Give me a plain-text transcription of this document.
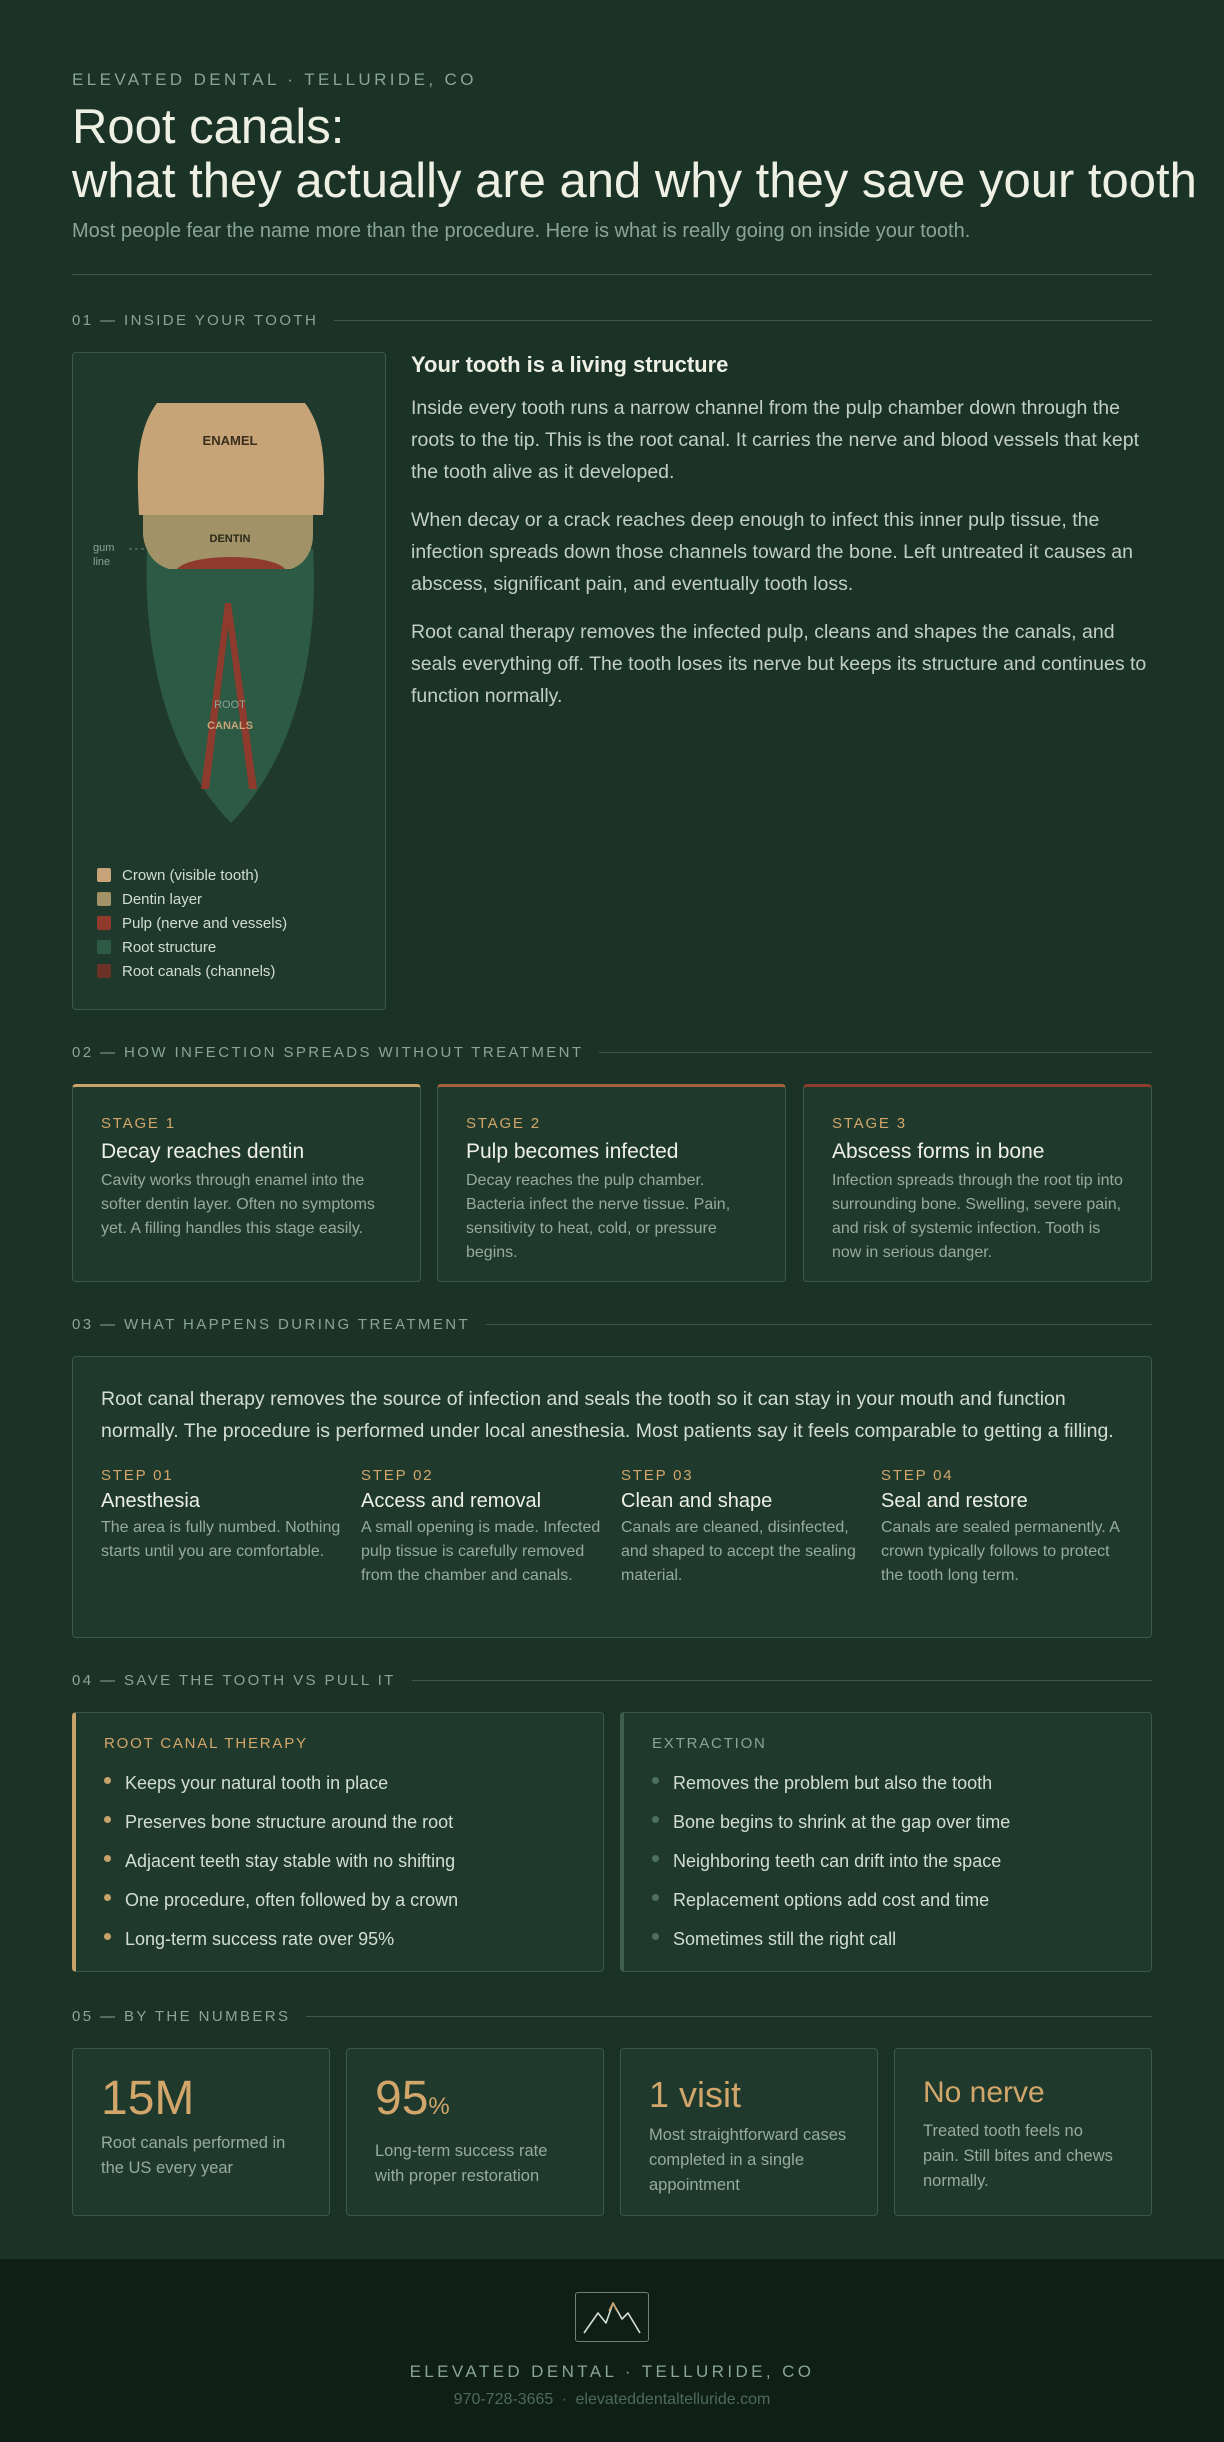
ELEVATED DENTAL · TELLURIDE, CO
Root canals:
what they actually are and why they save your tooth
Most people fear the name more than the procedure. Here is what is really going on inside your tooth.
01 — INSIDE YOUR TOOTH
ENAMEL
DENTIN
gum
line
ROOT
CANALS
Crown (visible tooth)
Dentin layer
Pulp (nerve and vessels)
Root structure
Root canals (channels)
Your tooth is a living structure

Inside every tooth runs a narrow channel from the pulp chamber down through the roots to the tip. This is the root canal. It carries the nerve and blood vessels that kept the tooth alive as it developed.

When decay or a crack reaches deep enough to infect this inner pulp tissue, the infection spreads down those channels toward the bone. Left untreated it causes an abscess, significant pain, and eventually tooth loss.

Root canal therapy removes the infected pulp, cleans and shapes the canals, and seals everything off. The tooth loses its nerve but keeps its structure and continues to function normally.

02 — HOW INFECTION SPREADS WITHOUT TREATMENT
STAGE 1
Decay reaches dentin
Cavity works through enamel into the softer dentin layer. Often no symptoms yet. A filling handles this stage easily.
STAGE 2
Pulp becomes infected
Decay reaches the pulp chamber. Bacteria infect the nerve tissue. Pain, sensitivity to heat, cold, or pressure begins.
STAGE 3
Abscess forms in bone
Infection spreads through the root tip into surrounding bone. Swelling, severe pain, and risk of systemic infection. Tooth is now in serious danger.
03 — WHAT HAPPENS DURING TREATMENT
Root canal therapy removes the source of infection and seals the tooth so it can stay in your mouth and function normally. The procedure is performed under local anesthesia. Most patients say it feels comparable to getting a filling.
STEP 01
Anesthesia
The area is fully numbed. Nothing starts until you are comfortable.
STEP 02
Access and removal
A small opening is made. Infected pulp tissue is carefully removed from the chamber and canals.
STEP 03
Clean and shape
Canals are cleaned, disinfected, and shaped to accept the sealing material.
STEP 04
Seal and restore
Canals are sealed permanently. A crown typically follows to protect the tooth long term.
04 — SAVE THE TOOTH VS PULL IT
ROOT CANAL THERAPY
Keeps your natural tooth in place
Preserves bone structure around the root
Adjacent teeth stay stable with no shifting
One procedure, often followed by a crown
Long-term success rate over 95%
EXTRACTION
Removes the problem but also the tooth
Bone begins to shrink at the gap over time
Neighboring teeth can drift into the space
Replacement options add cost and time
Sometimes still the right call
05 — BY THE NUMBERS
15M
Root canals performed in the US every year
95%
Long-term success rate with proper restoration
1 visit
Most straightforward cases completed in a single appointment
No nerve
Treated tooth feels no pain. Still bites and chews normally.
ELEVATED DENTAL · TELLURIDE, CO
970-728-3665 · elevateddentaltelluride.com
